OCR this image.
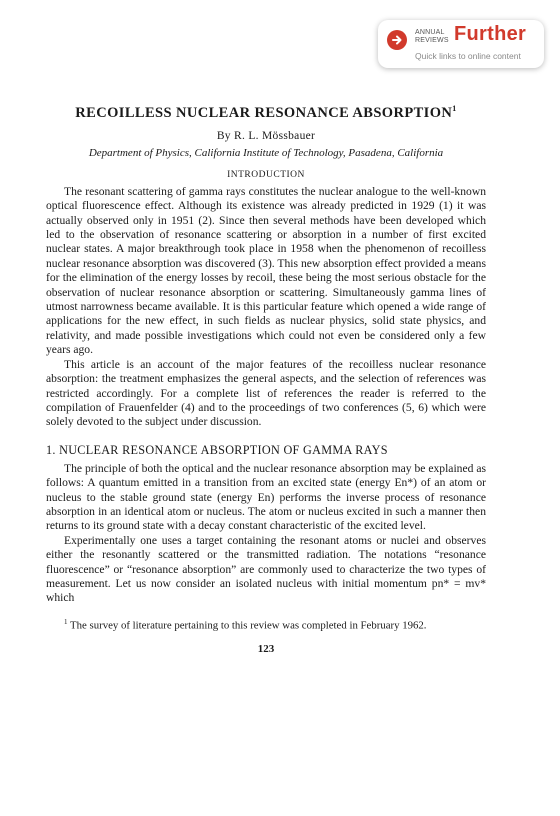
ANNUAL
REVIEWS Further
Quick links to online content
RECOILLESS NUCLEAR RESONANCE ABSORPTION$^1$
By R. L. Mössbauer
Department of Physics, California Institute of Technology, Pasadena, California
INTRODUCTION

The resonant scattering of gamma rays constitutes the nuclear analogue to the well-known optical fluorescence effect. Although its existence was already predicted in 1929 (1) it was actually observed only in 1951 (2). Since then several methods have been developed which led to the observation of resonance scattering or absorption in a number of first excited nuclear states. A major breakthrough took place in 1958 when the phenomenon of recoilless nuclear resonance absorption was discovered (3). This new absorption effect provided a means for the elimination of the energy losses by recoil, these being the most serious obstacle for the observation of nuclear resonance absorption or scattering. Simultaneously gamma lines of utmost narrowness became available. It is this particular feature which opened a wide range of applications for the new effect, in such fields as nuclear physics, solid state physics, and relativity, and made possible investigations which could not even be considered only a few years ago.

This article is an account of the major features of the recoilless nuclear resonance absorption: the treatment emphasizes the general aspects, and the selection of references was restricted accordingly. For a complete list of references the reader is referred to the compilation of Frauenfelder (4) and to the proceedings of two conferences (5, 6) which were solely devoted to the subject under discussion.

1. NUCLEAR RESONANCE ABSORPTION OF GAMMA RAYS

The principle of both the optical and the nuclear resonance absorption may be explained as follows: A quantum emitted in a transition from an excited state (energy En*) of an atom or nucleus to the stable ground state (energy En) performs the inverse process of resonance absorption in an identical atom or nucleus. The atom or nucleus excited in such a manner then returns to its ground state with a decay constant characteristic of the excited level.

Experimentally one uses a target containing the resonant atoms or nuclei and observes either the resonantly scattered or the transmitted radiation. The notations “resonance fluorescence” or “resonance absorption” are commonly used to characterize the two types of measurement. Let us now consider an isolated nucleus with initial momentum pn* = mv* which

$^1$ The survey of literature pertaining to this review was completed in February 1962.
123
